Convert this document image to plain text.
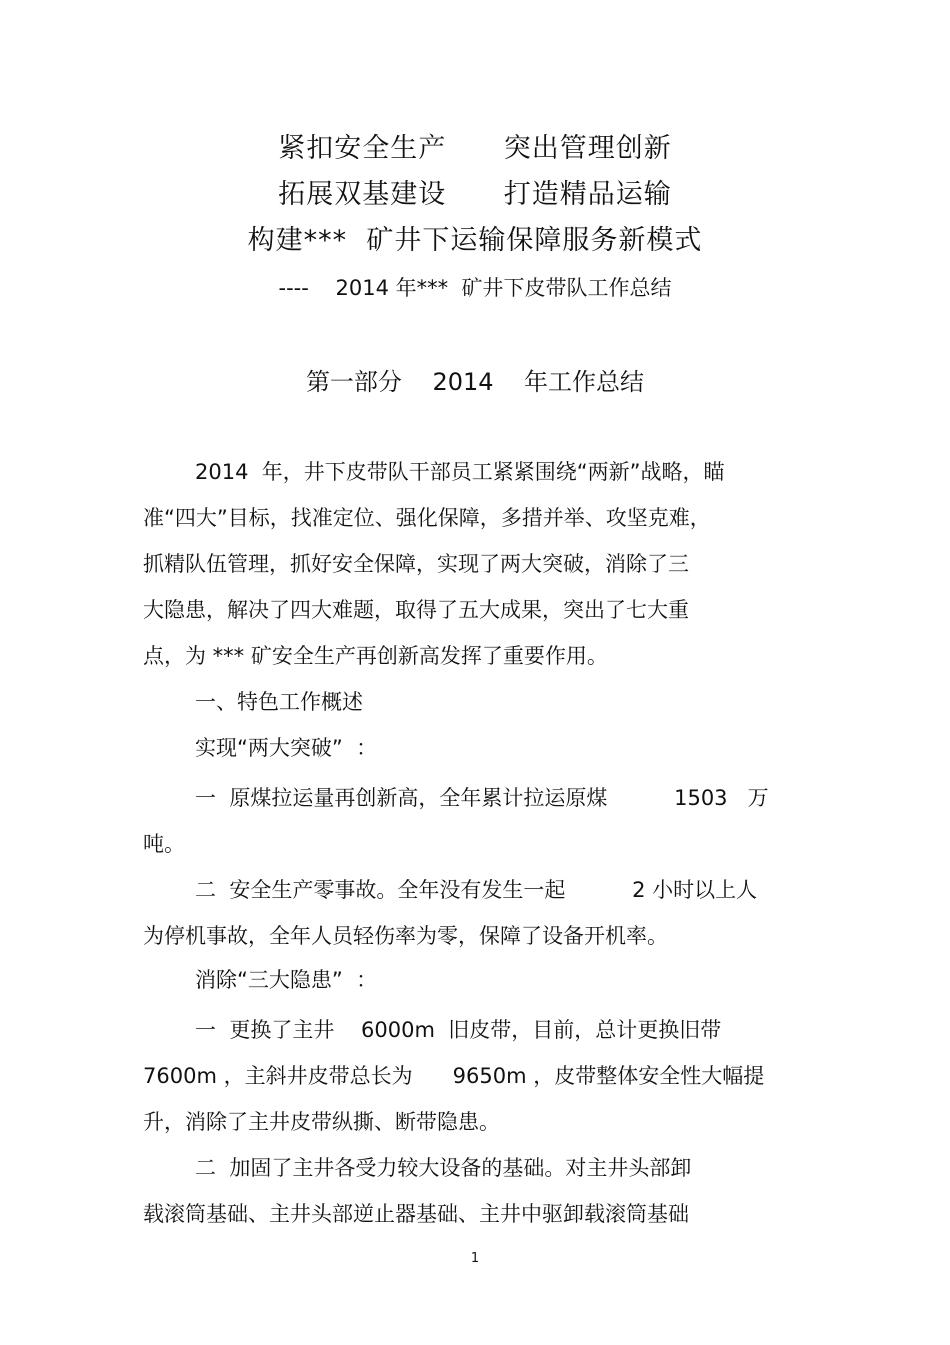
紧扣安全生产      突出管理创新
拓展双基建设      打造精品运输
构建***  矿井下运输保障服务新模式
----    2014 年***  矿井下皮带队工作总结
第一部分    2014    年工作总结
2014  年，井下皮带队干部员工紧紧围绕“两新”战略，瞄
准“四大”目标，找准定位、强化保障，多措并举、攻坚克难，
抓精队伍管理，抓好安全保障，实现了两大突破，消除了三
大隐患，解决了四大难题，取得了五大成果，突出了七大重
点，为 *** 矿安全生产再创新高发挥了重要作用。
一、特色工作概述
实现“两大突破”  ：
一  原煤拉运量再创新高，全年累计拉运原煤          1503   万
吨。
二  安全生产零事故。全年没有发生一起          2 小时以上人
为停机事故，全年人员轻伤率为零，保障了设备开机率。
消除“三大隐患”  ：
一  更换了主井    6000m  旧皮带，目前，总计更换旧带
7600m ，主斜井皮带总长为      9650m ，皮带整体安全性大幅提
升，消除了主井皮带纵撕、断带隐患。
二  加固了主井各受力较大设备的基础。对主井头部卸
载滚筒基础、主井头部逆止器基础、主井中驱卸载滚筒基础
1
